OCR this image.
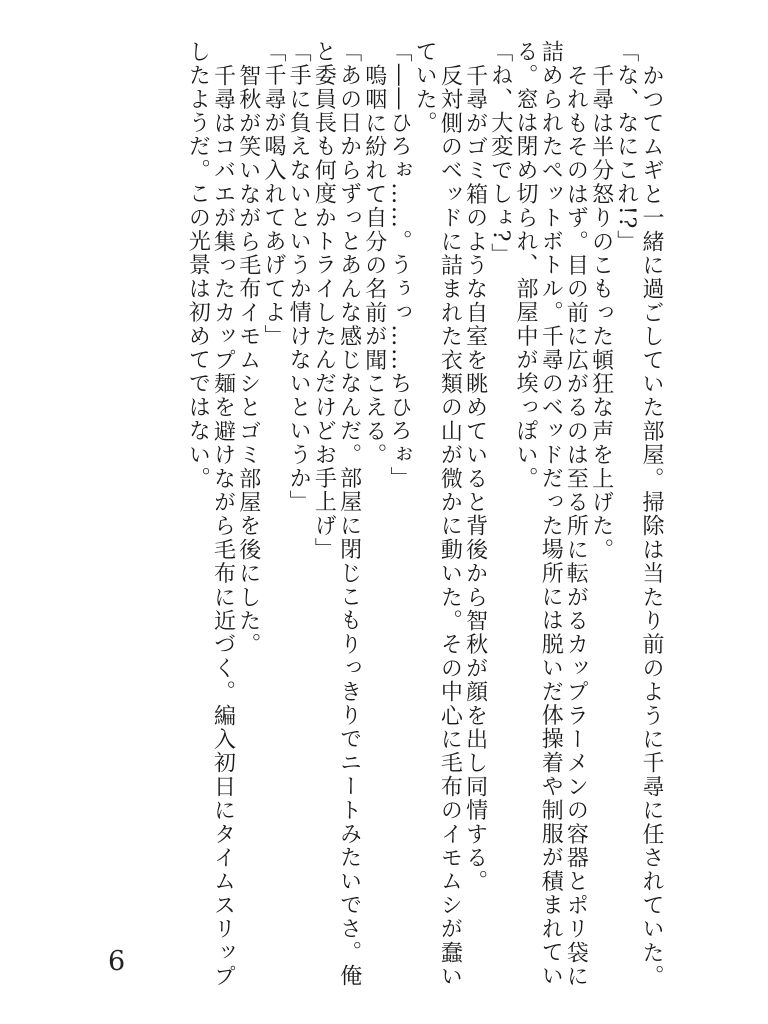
かつてムギと一緒に過ごしていた部屋。掃除は当たり前のように千尋に任されていた。
「な、なにこれ!?」
千尋は半分怒りのこもった頓狂な声を上げた。
それもそのはず。目の前に広がるのは至る所に転がるカップラーメンの容器とポリ袋に
詰められたペットボトル。千尋のベッドだった場所には脱いだ体操着や制服が積まれてい
る。窓は閉め切られ、部屋中が埃っぽい。
「ね、大変でしょ?」
千尋がゴミ箱のような自室を眺めていると背後から智秋が顔を出し同情する。
反対側のベッドに詰まれた衣類の山が微かに動いた。その中心に毛布のイモムシが蠢い
ていた。
「――ひろぉ……。うぅっ……ちひろぉ」
嗚咽に紛れて自分の名前が聞こえる。
「あの日からずっとあんな感じなんだ。部屋に閉じこもりっきりでニートみたいでさ。俺
と委員長も何度かトライしたんだけどお手上げ」
「手に負えないというか情けないというか」
「千尋が喝入れてあげてよ」
智秋が笑いながら毛布イモムシとゴミ部屋を後にした。
千尋はコバエが集ったカップ麺を避けながら毛布に近づく。編入初日にタイムスリップ
したようだ。この光景は初めてではない。
6
